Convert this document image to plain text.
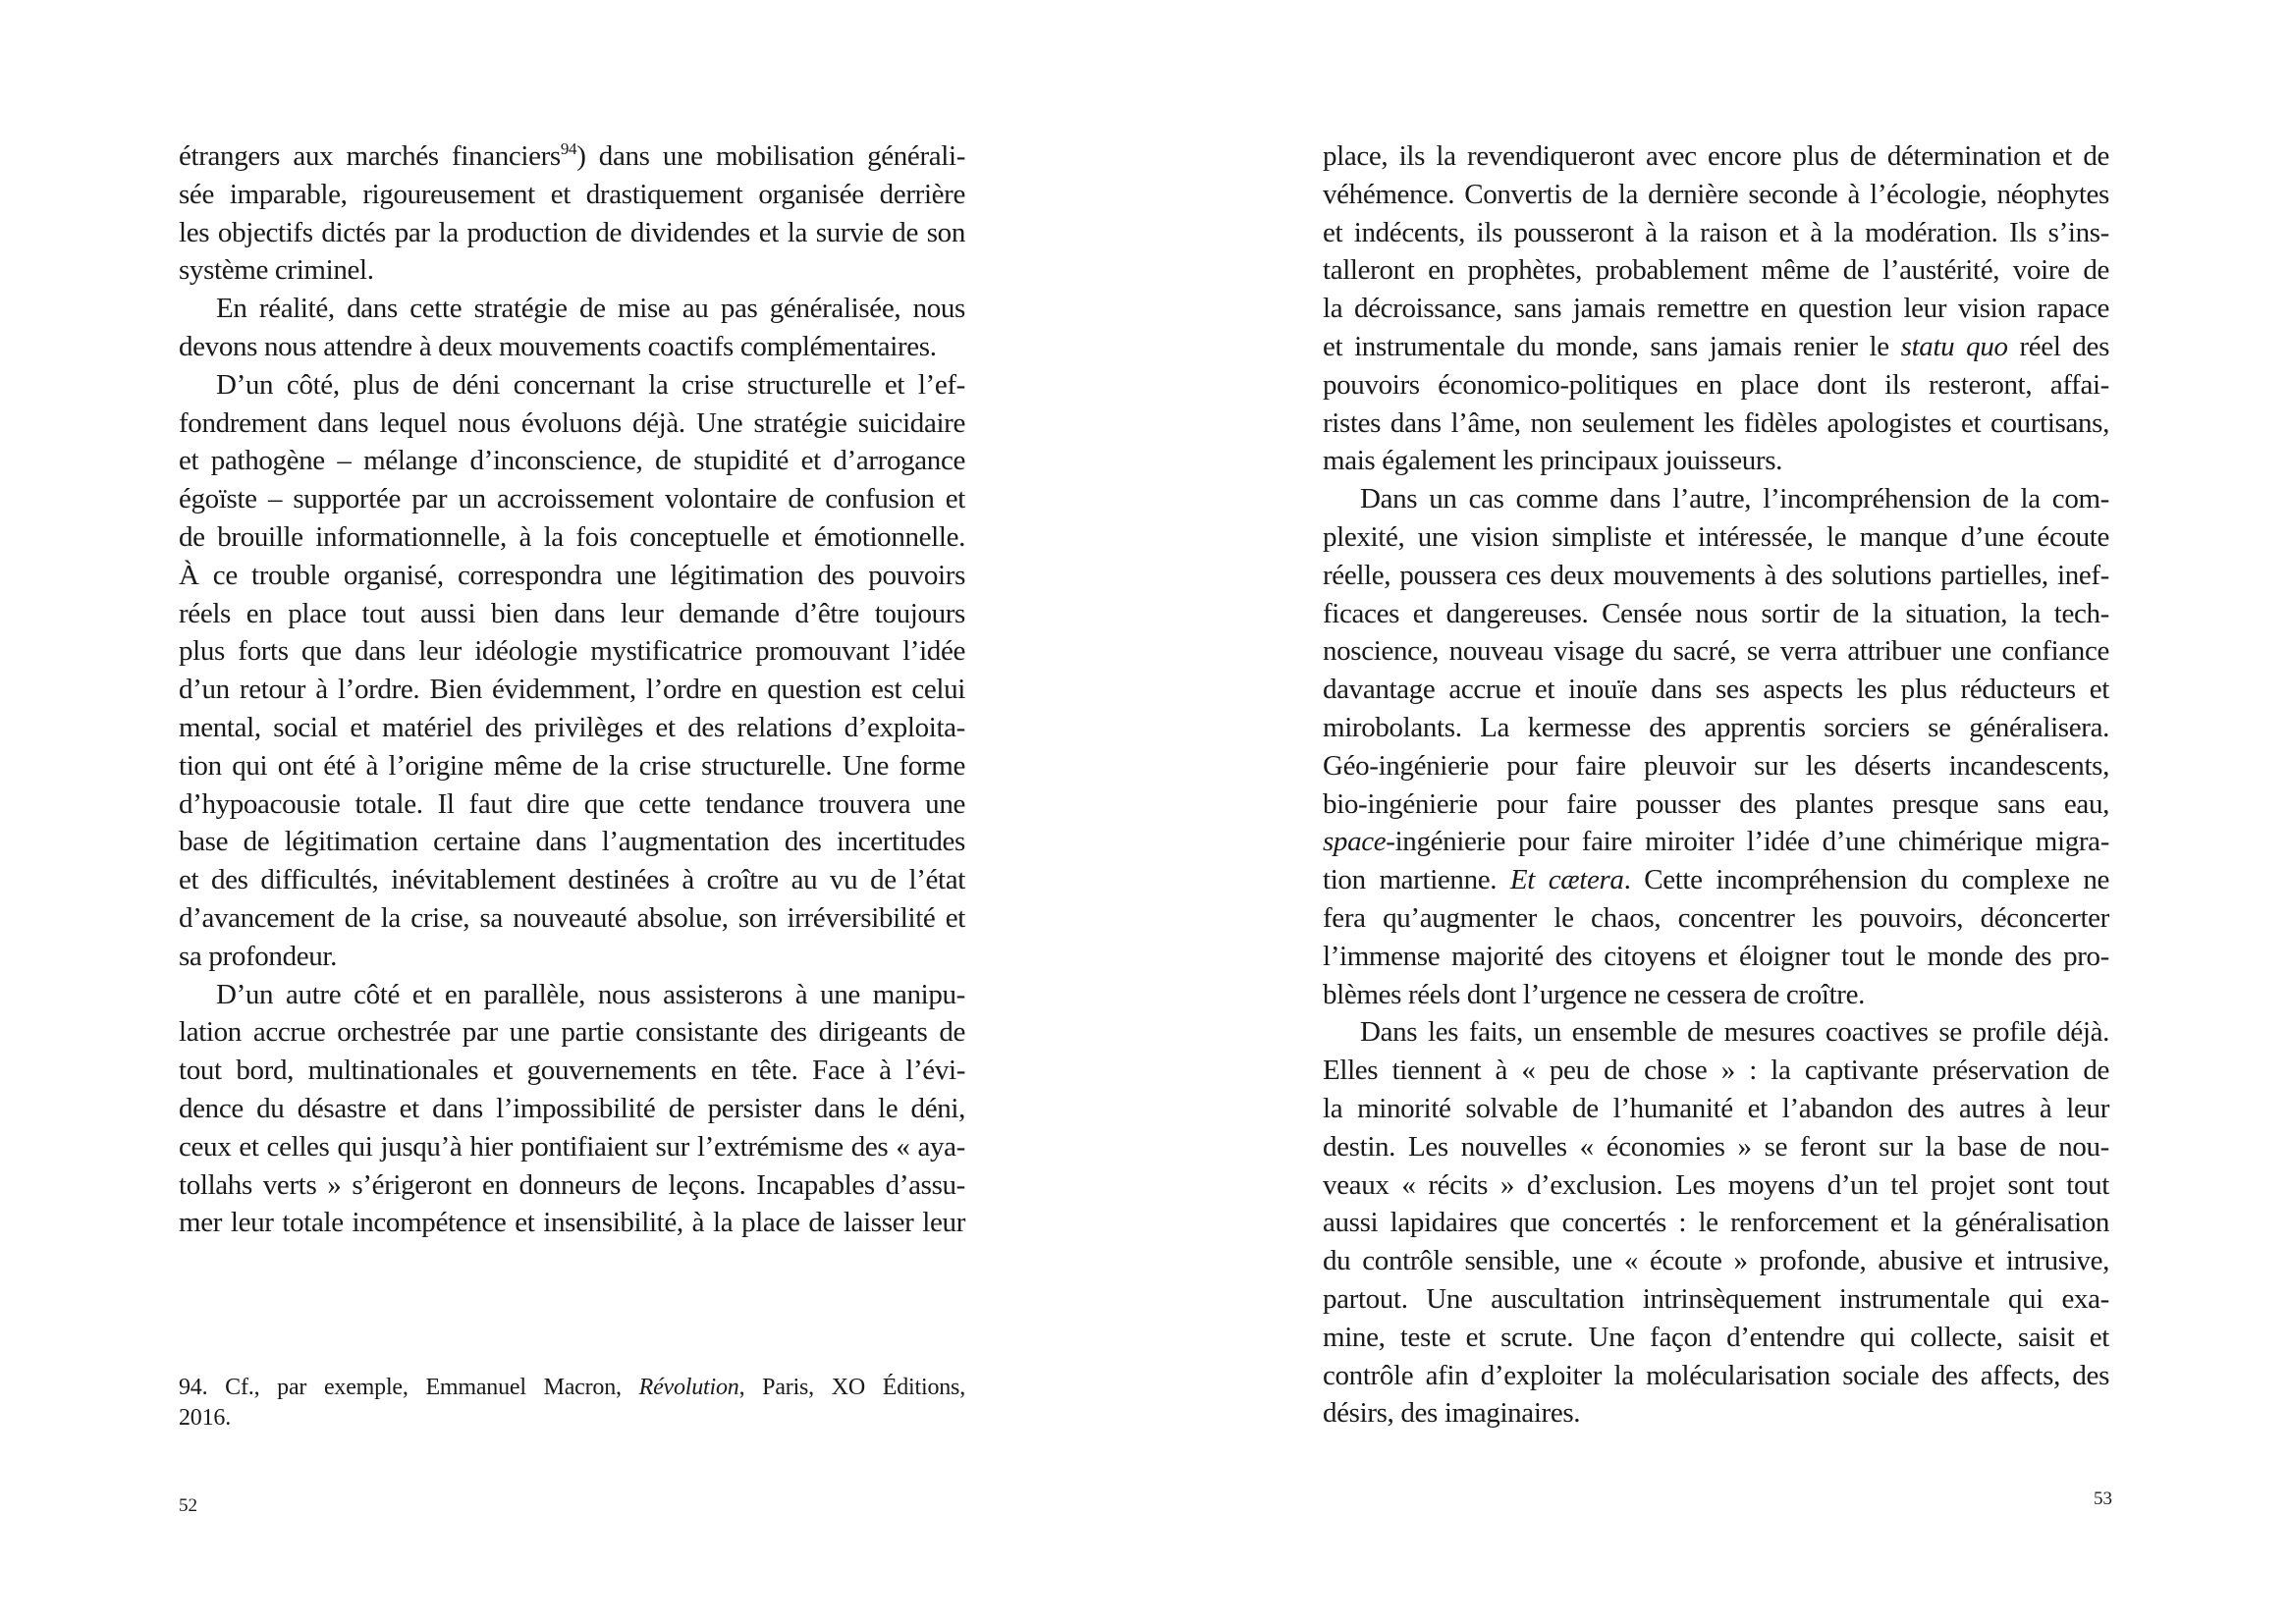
étrangers aux marchés financiers$^{94}$) dans une mobilisation générali-
sée imparable, rigoureusement et drastiquement organisée derrière
les objectifs dictés par la production de dividendes et la survie de son
système criminel.
En réalité, dans cette stratégie de mise au pas généralisée, nous
devons nous attendre à deux mouvements coactifs complémentaires.
D’un côté, plus de déni concernant la crise structurelle et l’ef-
fondrement dans lequel nous évoluons déjà. Une stratégie suicidaire
et pathogène – mélange d’inconscience, de stupidité et d’arrogance
égoïste – supportée par un accroissement volontaire de confusion et
de brouille informationnelle, à la fois conceptuelle et émotionnelle.
À ce trouble organisé, correspondra une légitimation des pouvoirs
réels en place tout aussi bien dans leur demande d’être toujours
plus forts que dans leur idéologie mystificatrice promouvant l’idée
d’un retour à l’ordre. Bien évidemment, l’ordre en question est celui
mental, social et matériel des privilèges et des relations d’exploita-
tion qui ont été à l’origine même de la crise structurelle. Une forme
d’hypoacousie totale. Il faut dire que cette tendance trouvera une
base de légitimation certaine dans l’augmentation des incertitudes
et des difficultés, inévitablement destinées à croître au vu de l’état
d’avancement de la crise, sa nouveauté absolue, son irréversibilité et
sa profondeur.
D’un autre côté et en parallèle, nous assisterons à une manipu-
lation accrue orchestrée par une partie consistante des dirigeants de
tout bord, multinationales et gouvernements en tête. Face à l’évi-
dence du désastre et dans l’impossibilité de persister dans le déni,
ceux et celles qui jusqu’à hier pontifiaient sur l’extrémisme des « aya-
tollahs verts » s’érigeront en donneurs de leçons. Incapables d’assu-
mer leur totale incompétence et insensibilité, à la place de laisser leur
94. Cf., par exemple, Emmanuel Macron, Révolution, Paris, XO Éditions,
2016.
52
place, ils la revendiqueront avec encore plus de détermination et de
véhémence. Convertis de la dernière seconde à l’écologie, néophytes
et indécents, ils pousseront à la raison et à la modération. Ils s’ins-
talleront en prophètes, probablement même de l’austérité, voire de
la décroissance, sans jamais remettre en question leur vision rapace
et instrumentale du monde, sans jamais renier le statu quo réel des
pouvoirs économico-politiques en place dont ils resteront, affai-
ristes dans l’âme, non seulement les fidèles apologistes et courtisans,
mais également les principaux jouisseurs.
Dans un cas comme dans l’autre, l’incompréhension de la com-
plexité, une vision simpliste et intéressée, le manque d’une écoute
réelle, poussera ces deux mouvements à des solutions partielles, inef-
ficaces et dangereuses. Censée nous sortir de la situation, la tech-
noscience, nouveau visage du sacré, se verra attribuer une confiance
davantage accrue et inouïe dans ses aspects les plus réducteurs et
mirobolants. La kermesse des apprentis sorciers se généralisera.
Géo-ingénierie pour faire pleuvoir sur les déserts incandescents,
bio-ingénierie pour faire pousser des plantes presque sans eau,
space-ingénierie pour faire miroiter l’idée d’une chimérique migra-
tion martienne. Et cætera. Cette incompréhension du complexe ne
fera qu’augmenter le chaos, concentrer les pouvoirs, déconcerter
l’immense majorité des citoyens et éloigner tout le monde des pro-
blèmes réels dont l’urgence ne cessera de croître.
Dans les faits, un ensemble de mesures coactives se profile déjà.
Elles tiennent à « peu de chose » : la captivante préservation de
la minorité solvable de l’humanité et l’abandon des autres à leur
destin. Les nouvelles « économies » se feront sur la base de nou-
veaux « récits » d’exclusion. Les moyens d’un tel projet sont tout
aussi lapidaires que concertés : le renforcement et la généralisation
du contrôle sensible, une « écoute » profonde, abusive et intrusive,
partout. Une auscultation intrinsèquement instrumentale qui exa-
mine, teste et scrute. Une façon d’entendre qui collecte, saisit et
contrôle afin d’exploiter la molécularisation sociale des affects, des
désirs, des imaginaires.
53
